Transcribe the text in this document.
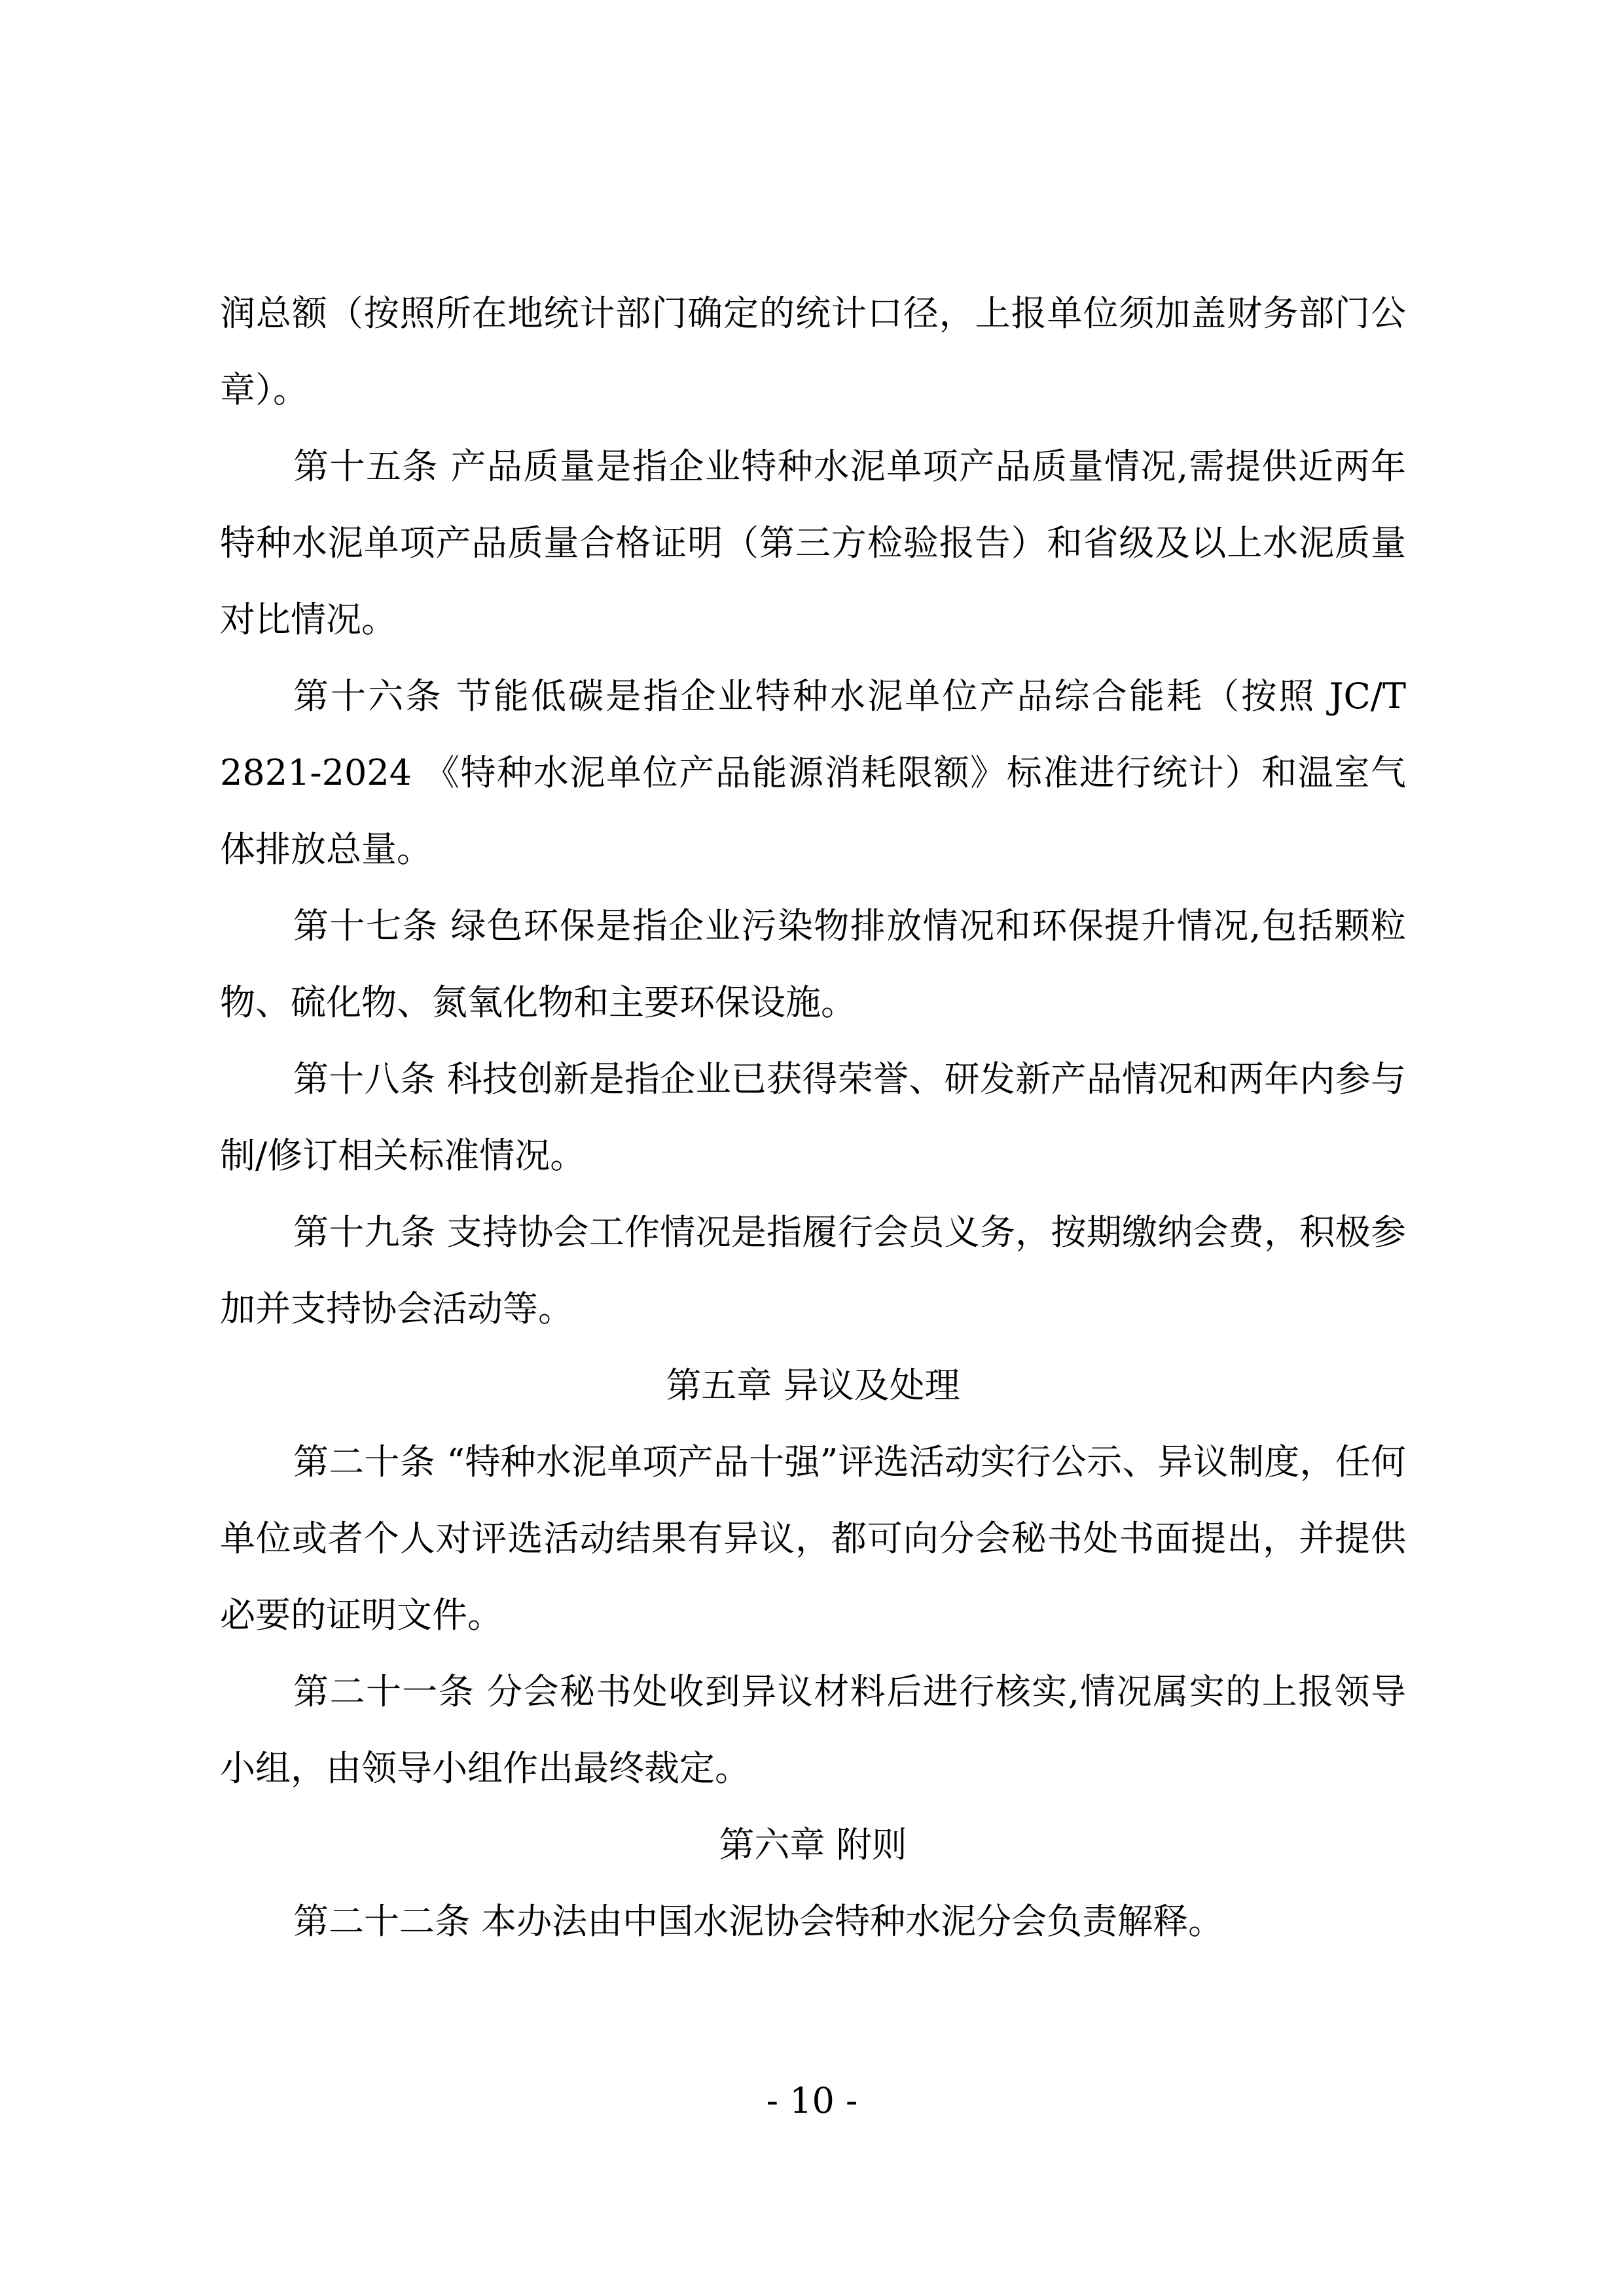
润总额（按照所在地统计部门确定的统计口径，上报单位须加盖财务部门公章）。

第十五条 产品质量是指企业特种水泥单项产品质量情况,需提供近两年特种水泥单项产品质量合格证明（第三方检验报告）和省级及以上水泥质量对比情况。

第十六条 节能低碳是指企业特种水泥单位产品综合能耗（按照 JC/T 2821-2024 《特种水泥单位产品能源消耗限额》标准进行统计）和温室气体排放总量。

第十七条 绿色环保是指企业污染物排放情况和环保提升情况,包括颗粒物、硫化物、氮氧化物和主要环保设施。

第十八条 科技创新是指企业已获得荣誉、研发新产品情况和两年内参与制/修订相关标准情况。

第十九条 支持协会工作情况是指履行会员义务，按期缴纳会费，积极参加并支持协会活动等。

第五章 异议及处理

第二十条 “特种水泥单项产品十强”评选活动实行公示、异议制度，任何单位或者个人对评选活动结果有异议，都可向分会秘书处书面提出，并提供必要的证明文件。

第二十一条 分会秘书处收到异议材料后进行核实,情况属实的上报领导小组，由领导小组作出最终裁定。

第六章 附则

第二十二条 本办法由中国水泥协会特种水泥分会负责解释。

- 10 -
